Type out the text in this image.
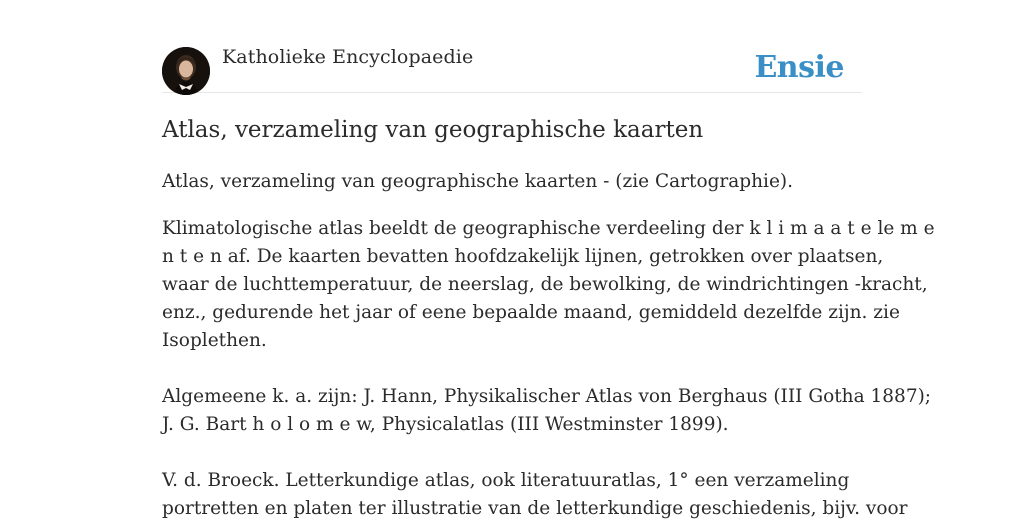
Katholieke Encyclopaedie	Ensie
Atlas, verzameling van geographische kaarten

Atlas, verzameling van geographische kaarten - (zie Cartographie).

Klimatologische atlas beeldt de geographische verdeeling der k l i m a a t e le m e

n t e n af. De kaarten bevatten hoofdzakelijk lijnen, getrokken over plaatsen,

waar de luchttemperatuur, de neerslag, de bewolking, de windrichtingen -kracht,

enz., gedurende het jaar of eene bepaalde maand, gemiddeld dezelfde zijn. zie

Isoplethen.

Algemeene k. a. zijn: J. Hann, Physikalischer Atlas von Berghaus (III Gotha 1887);

J. G. Bart h o l o m e w, Physicalatlas (III Westminster 1899).

V. d. Broeck. Letterkundige atlas, ook literatuuratlas, 1° een verzameling

portretten en platen ter illustratie van de letterkundige geschiedenis, bijv. voor
